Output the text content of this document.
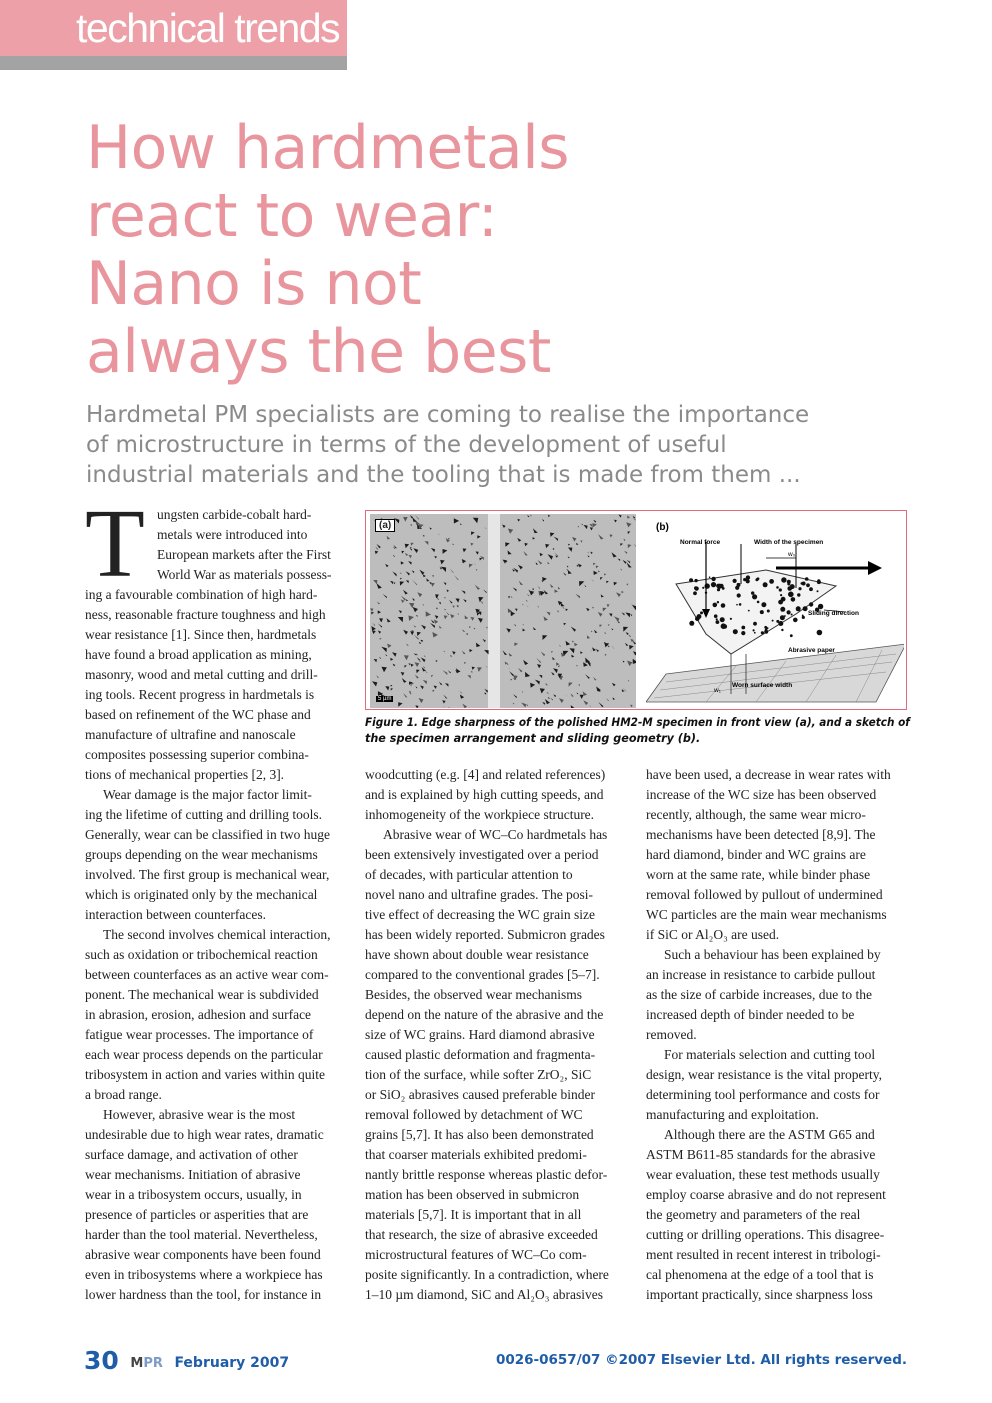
technical trends
How hardmetals
react to wear:
Nano is not
always the best

Hardmetal PM specialists are coming to realise the importance
of microstructure in terms of the development of useful
industrial materials and the tooling that is made from them ...

T ungsten carbide-cobalt hard-
metals were introduced into
European markets after the First
World War as materials possess-
ing a favourable combination of high hard-
ness, reasonable fracture toughness and high
wear resistance [1]. Since then, hardmetals
have found a broad application as mining,
masonry, wood and metal cutting and drill-
ing tools. Recent progress in hardmetals is
based on refinement of the WC phase and
manufacture of ultrafine and nanoscale
composites possessing superior combina-
tions of mechanical properties [2, 3].
Wear damage is the major factor limit-
ing the lifetime of cutting and drilling tools.
Generally, wear can be classified in two huge
groups depending on the wear mechanisms
involved. The first group is mechanical wear,
which is originated only by the mechanical
interaction between counterfaces.
The second involves chemical interaction,
such as oxidation or tribochemical reaction
between counterfaces as an active wear com-
ponent. The mechanical wear is subdivided
in abrasion, erosion, adhesion and surface
fatigue wear processes. The importance of
each wear process depends on the particular
tribosystem in action and varies within quite
a broad range.
However, abrasive wear is the most
undesirable due to high wear rates, dramatic
surface damage, and activation of other
wear mechanisms. Initiation of abrasive
wear in a tribosystem occurs, usually, in
presence of particles or asperities that are
harder than the tool material. Nevertheless,
abrasive wear components have been found
even in tribosystems where a workpiece has
lower hardness than the tool, for instance in
woodcutting (e.g. [4] and related references)
and is explained by high cutting speeds, and
inhomogeneity of the workpiece structure.
Abrasive wear of WC–Co hardmetals has
been extensively investigated over a period
of decades, with particular attention to
novel nano and ultrafine grades. The posi-
tive effect of decreasing the WC grain size
has been widely reported. Submicron grades
have shown about double wear resistance
compared to the conventional grades [5–7].
Besides, the observed wear mechanisms
depend on the nature of the abrasive and the
size of WC grains. Hard diamond abrasive
caused plastic deformation and fragmenta-
tion of the surface, while softer ZrO₂, SiC
or SiO₂ abrasives caused preferable binder
removal followed by detachment of WC
grains [5,7]. It has also been demonstrated
that coarser materials exhibited predomi-
nantly brittle response whereas plastic defor-
mation has been observed in submicron
materials [5,7]. It is important that in all
that research, the size of abrasive exceeded
microstructural features of WC–Co com-
posite significantly. In a contradiction, where
1–10 µm diamond, SiC and Al₂O₃ abrasives
have been used, a decrease in wear rates with
increase of the WC size has been observed
recently, although, the same wear micro-
mechanisms have been detected [8,9]. The
hard diamond, binder and WC grains are
worn at the same rate, while binder phase
removal followed by pullout of undermined
WC particles are the main wear mechanisms
if SiC or Al₂O₃ are used.
Such a behaviour has been explained by
an increase in resistance to carbide pullout
as the size of carbide increases, due to the
increased depth of binder needed to be
removed.
For materials selection and cutting tool
design, wear resistance is the vital property,
determining tool performance and costs for
manufacturing and exploitation.
Although there are the ASTM G65 and
ASTM B611-85 standards for the abrasive
wear evaluation, these test methods usually
employ coarse abrasive and do not represent
the geometry and parameters of the real
cutting or drilling operations. This disagree-
ment resulted in recent interest in tribologi-
cal phenomena at the edge of a tool that is
important practically, since sharpness loss
(a)
5 µm
(b)
Normal force	Width of the specimen
w₀
Sliding direction
Abrasive paper
Worn surface width
w₁
Figure 1. Edge sharpness of the polished HM2-M specimen in front view (a), and a sketch of
the specimen arrangement and sliding geometry (b).
30 MPR February 2007	0026-0657/07 ©2007 Elsevier Ltd. All rights reserved.
